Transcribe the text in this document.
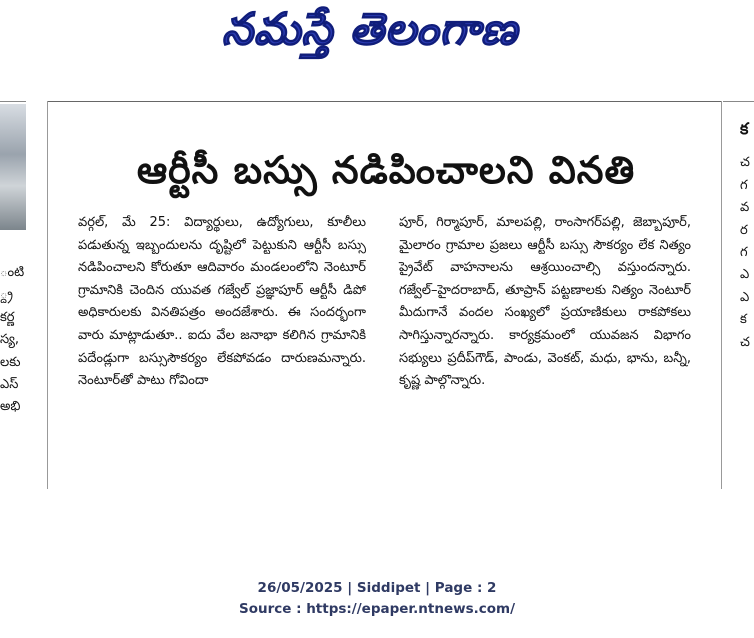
నమస్తే తెలంగాణ
ంటి
్ద్ర
కర్ణ
స్య,
లకు
ఎస్
అభి
క
చ
గ
వ
ర
గ
ఎ
ఎ
క
చ
ఆర్టీసీ బస్సు నడిపించాలని వినతి
వర్గల్, మే 25: విద్యార్థులు, ఉద్యోగులు, కూలీలు పడుతున్న ఇబ్బందులను దృష్టిలో పెట్టుకుని ఆర్టీసీ బస్సు నడిపించాలని కోరుతూ ఆదివారం మండలంలోని నెంటూర్ గ్రామానికి చెందిన యువత గజ్వేల్ ప్రజ్ఞాపూర్ ఆర్టీసీ డిపో అధికారులకు వినతిపత్రం అందజేశారు. ఈ సందర్భంగా వారు మాట్లాడుతూ.. ఐదు వేల జనాభా కలిగిన గ్రామానికి పదేండ్లుగా బస్సుసౌకర్యం లేకపోవడం దారుణమన్నారు. నెంటూర్‌తో పాటు గోవిందా
పూర్, గిర్మాపూర్, మాలపల్లి, రాంసాగర్‌పల్లి, జెబ్బాపూర్, మైలారం గ్రామాల ప్రజలు ఆర్టీసీ బస్సు సౌకర్యం లేక నిత్యం ప్రైవేట్ వాహనాలను ఆశ్రయించాల్సి వస్తుందన్నారు. గజ్వేల్–హైదరాబాద్, తూప్రాన్ పట్టణాలకు నిత్యం నెంటూర్ మీదుగానే వందల సంఖ్యలో ప్రయాణికులు రాకపోకలు సాగిస్తున్నారన్నారు. కార్యక్రమంలో యువజన విభాగం సభ్యులు ప్రదీప్‌గౌడ్, పాండు, వెంకట్, మధు, భాను, బన్నీ, కృష్ణ పాల్గొన్నారు.
26/05/2025 | Siddipet | Page : 2
Source : https://epaper.ntnews.com/
